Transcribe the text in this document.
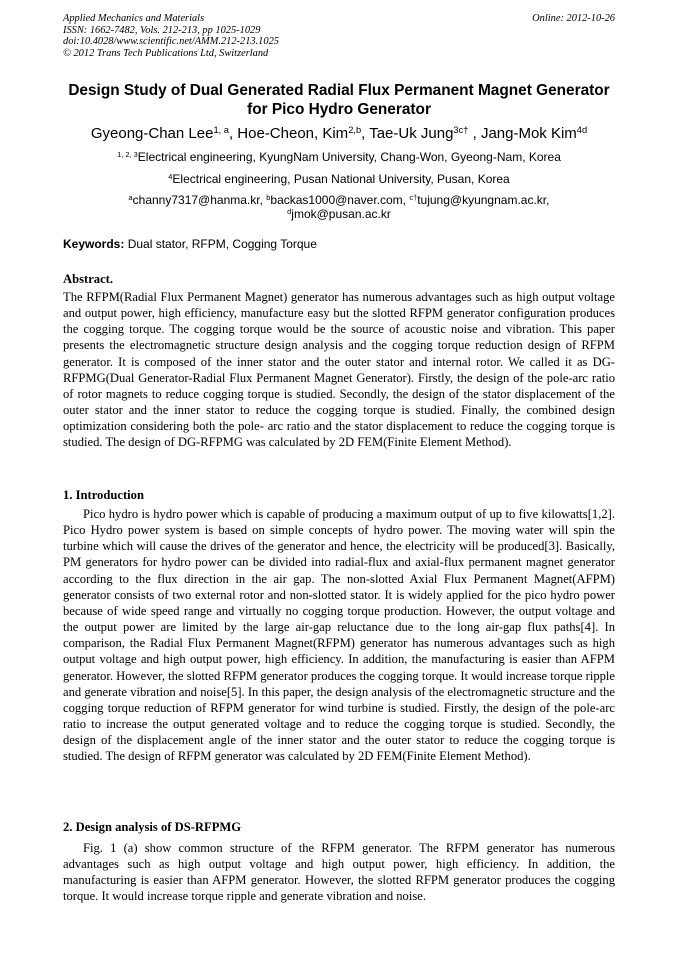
Applied Mechanics and Materials
ISSN: 1662-7482, Vols. 212-213, pp 1025-1029
doi:10.4028/www.scientific.net/AMM.212-213.1025
© 2012 Trans Tech Publications Ltd, Switzerland
Online: 2012-10-26
Design Study of Dual Generated Radial Flux Permanent Magnet Generator for Pico Hydro Generator
Gyeong-Chan Lee$^{1, a}$, Hoe-Cheon, Kim$^{2,b}$, Tae-Uk Jung$^{3c\dagger}$ , Jang-Mok Kim$^{4d}$
$^{1, 2, 3}$Electrical engineering, KyungNam University, Chang-Won, Gyeong-Nam, Korea
$^4$Electrical engineering, Pusan National University, Pusan, Korea
$^a$channy7317@hanma.kr, $^b$backas1000@naver.com, $^{c\dagger}$tujung@kyungnam.ac.kr,
$^d$jmok@pusan.ac.kr
Keywords: Dual stator, RFPM, Cogging Torque
Abstract.
The RFPM(Radial Flux Permanent Magnet) generator has numerous advantages such as high output voltage and output power, high efficiency, manufacture easy but the slotted RFPM generator configuration produces the cogging torque. The cogging torque would be the source of acoustic noise and vibration. This paper presents the electromagnetic structure design analysis and the cogging torque reduction design of RFPM generator. It is composed of the inner stator and the outer stator and internal rotor. We called it as DG-RFPMG(Dual Generator-Radial Flux Permanent Magnet Generator). Firstly, the design of the pole-arc ratio of rotor magnets to reduce cogging torque is studied. Secondly, the design of the stator displacement of the outer stator and the inner stator to reduce the cogging torque is studied. Finally, the combined design optimization considering both the pole- arc ratio and the stator displacement to reduce the cogging torque is studied. The design of DG-RFPMG was calculated by 2D FEM(Finite Element Method).
1. Introduction
Pico hydro is hydro power which is capable of producing a maximum output of up to five kilowatts[1,2]. Pico Hydro power system is based on simple concepts of hydro power. The moving water will spin the turbine which will cause the drives of the generator and hence, the electricity will be produced[3]. Basically, PM generators for hydro power can be divided into radial-flux and axial-flux permanent magnet generator according to the flux direction in the air gap. The non-slotted Axial Flux Permanent Magnet(AFPM) generator consists of two external rotor and non-slotted stator. It is widely applied for the pico hydro power because of wide speed range and virtually no cogging torque production. However, the output voltage and the output power are limited by the large air-gap reluctance due to the long air-gap flux paths[4]. In comparison, the Radial Flux Permanent Magnet(RFPM) generator has numerous advantages such as high output voltage and high output power, high efficiency. In addition, the manufacturing is easier than AFPM generator. However, the slotted RFPM generator produces the cogging torque. It would increase torque ripple and generate vibration and noise[5]. In this paper, the design analysis of the electromagnetic structure and the cogging torque reduction of RFPM generator for wind turbine is studied. Firstly, the design of the pole-arc ratio to increase the output generated voltage and to reduce the cogging torque is studied. Secondly, the design of the displacement angle of the inner stator and the outer stator to reduce the cogging torque is studied. The design of RFPM generator was calculated by 2D FEM(Finite Element Method).
2. Design analysis of DS-RFPMG
Fig. 1 (a) show common structure of the RFPM generator. The RFPM generator has numerous advantages such as high output voltage and high output power, high efficiency. In addition, the manufacturing is easier than AFPM generator. However, the slotted RFPM generator produces the cogging torque. It would increase torque ripple and generate vibration and noise.
